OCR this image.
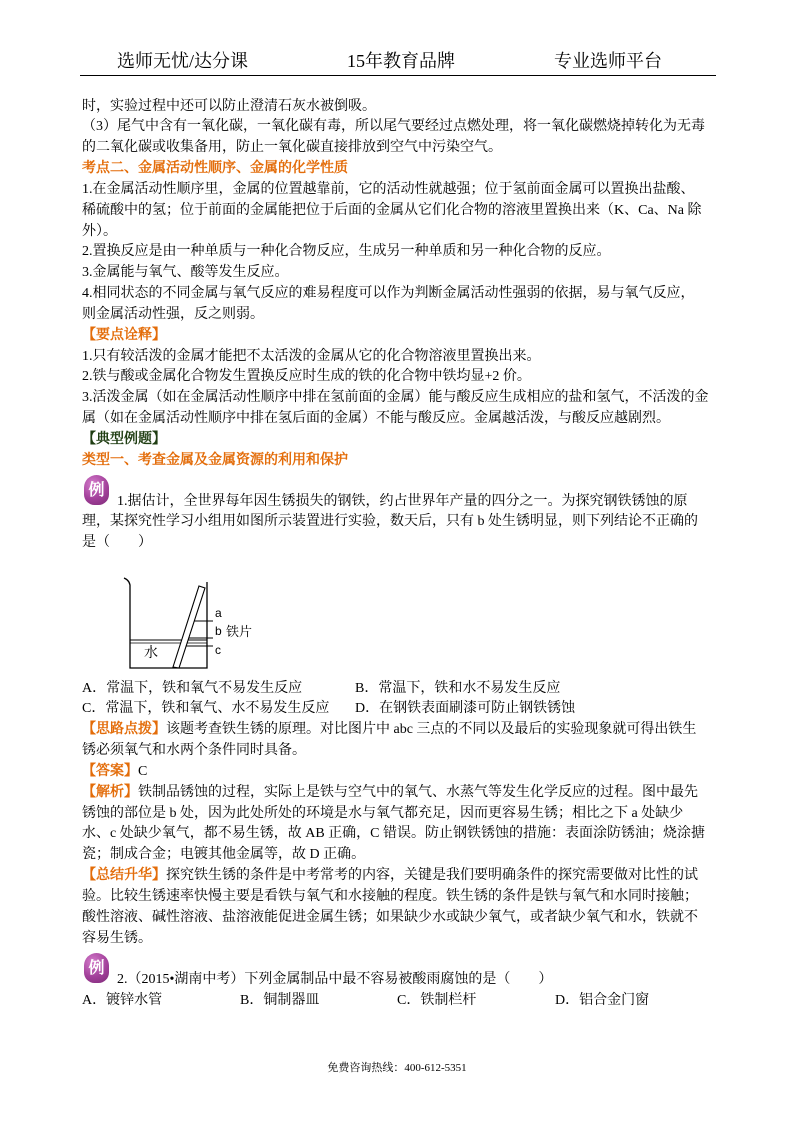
选师无忧/达分课	15年教育品牌	专业选师平台
时，实验过程中还可以防止澄清石灰水被倒吸。
（3）尾气中含有一氧化碳，一氧化碳有毒，所以尾气要经过点燃处理，将一氧化碳燃烧掉转化为无毒
的二氧化碳或收集备用，防止一氧化碳直接排放到空气中污染空气。
考点二、金属活动性顺序、金属的化学性质
1.在金属活动性顺序里，金属的位置越靠前，它的活动性就越强；位于氢前面金属可以置换出盐酸、
稀硫酸中的氢；位于前面的金属能把位于后面的金属从它们化合物的溶液里置换出来（K、Ca、Na 除
外）。
2.置换反应是由一种单质与一种化合物反应，生成另一种单质和另一种化合物的反应。
3.金属能与氧气、酸等发生反应。
4.相同状态的不同金属与氧气反应的难易程度可以作为判断金属活动性强弱的依据，易与氧气反应，
则金属活动性强，反之则弱。
【要点诠释】
1.只有较活泼的金属才能把不太活泼的金属从它的化合物溶液里置换出来。
2.铁与酸或金属化合物发生置换反应时生成的铁的化合物中铁均显+2 价。
3.活泼金属（如在金属活动性顺序中排在氢前面的金属）能与酸反应生成相应的盐和氢气，不活泼的金
属（如在金属活动性顺序中排在氢后面的金属）不能与酸反应。金属越活泼，与酸反应越剧烈。
【典型例题】
类型一、考查金属及金属资源的利用和保护
例
1.据估计，全世界每年因生锈损失的钢铁，约占世界年产量的四分之一。为探究钢铁锈蚀的原
理，某探究性学习小组用如图所示装置进行实验，数天后，只有 b 处生锈明显，则下列结论不正确的
是（　　）
a
b
c
铁片
水
A．常温下，铁和氧气不易发生反应	B．常温下，铁和水不易发生反应
C．常温下，铁和氧气、水不易发生反应 D．在钢铁表面刷漆可防止钢铁锈蚀
【思路点拨】该题考查铁生锈的原理。对比图片中 abc 三点的不同以及最后的实验现象就可得出铁生
锈必须氧气和水两个条件同时具备。
【答案】C
【解析】铁制品锈蚀的过程，实际上是铁与空气中的氧气、水蒸气等发生化学反应的过程。图中最先
锈蚀的部位是 b 处，因为此处所处的环境是水与氧气都充足，因而更容易生锈；相比之下 a 处缺少
水、c 处缺少氧气，都不易生锈，故 AB 正确，C 错误。防止钢铁锈蚀的措施：表面涂防锈油；烧涂搪
瓷；制成合金；电镀其他金属等，故 D 正确。
【总结升华】探究铁生锈的条件是中考常考的内容，关键是我们要明确条件的探究需要做对比性的试
验。比较生锈速率快慢主要是看铁与氧气和水接触的程度。铁生锈的条件是铁与氧气和水同时接触；
酸性溶液、碱性溶液、盐溶液能促进金属生锈；如果缺少水或缺少氧气，或者缺少氧气和水，铁就不
容易生锈。
例
2.（2015•湖南中考）下列金属制品中最不容易被酸雨腐蚀的是（　　）
A．镀锌水管	B．铜制器皿	C．铁制栏杆	D．铝合金门窗
免费咨询热线：400-612-5351
